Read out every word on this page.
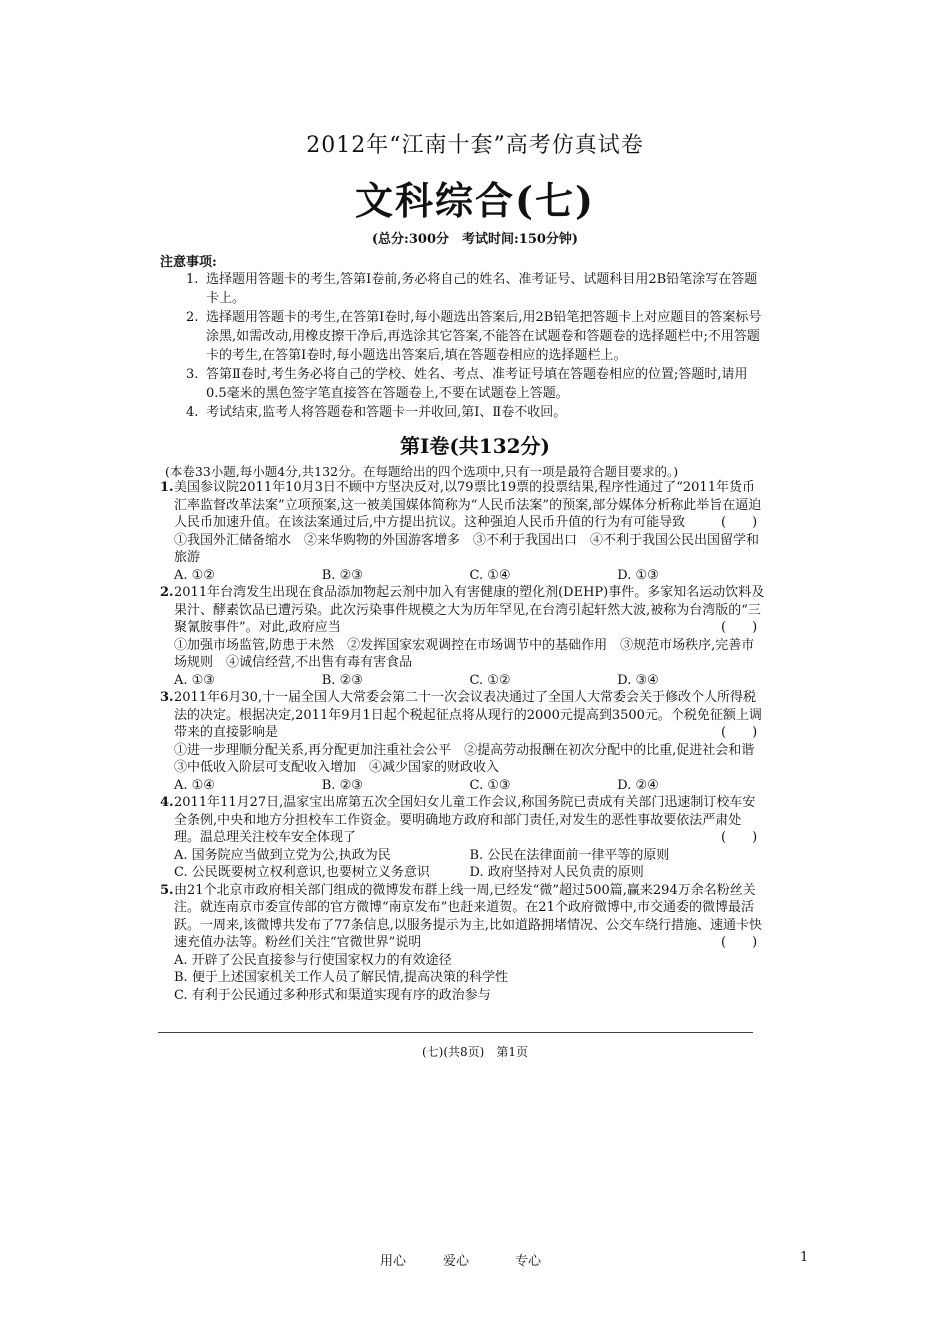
2012年“江南十套”高考仿真试卷
文科综合(七)
(总分:300分　考试时间:150分钟)
注意事项:
1. 选择题用答题卡的考生,答第Ⅰ卷前,务必将自己的姓名、准考证号、试题科目用2B铅笔涂写在答题卡上。
2. 选择题用答题卡的考生,在答第Ⅰ卷时,每小题选出答案后,用2B铅笔把答题卡上对应题目的答案标号涂黑,如需改动,用橡皮擦干净后,再选涂其它答案,不能答在试题卷和答题卷的选择题栏中;不用答题卡的考生,在答第Ⅰ卷时,每小题选出答案后,填在答题卷相应的选择题栏上。
3. 答第Ⅱ卷时,考生务必将自己的学校、姓名、考点、准考证号填在答题卷相应的位置;答题时,请用0.5毫米的黑色签字笔直接答在答题卷上,不要在试题卷上答题。
4. 考试结束,监考人将答题卷和答题卡一并收回,第Ⅰ、Ⅱ卷不收回。
第Ⅰ卷(共132分)
(本卷33小题,每小题4分,共132分。在每题给出的四个选项中,只有一项是最符合题目要求的。)
1. 美国参议院2011年10月3日不顾中方坚决反对,以79票比19票的投票结果,程序性通过了“2011年货币汇率监督改革法案”立项预案,这一被美国媒体简称为“人民币法案”的预案,部分媒体分析称此举旨在逼迫人民币加速升值。在该法案通过后,中方提出抗议。这种强迫人民币升值的行为有可能导致	(　　)
①我国外汇储备缩水　②来华购物的外国游客增多　③不利于我国出口　④不利于我国公民出国留学和旅游
A. ①②	B. ②③	C. ①④	D. ①③
2. 2011年台湾发生出现在食品添加物起云剂中加入有害健康的塑化剂(DEHP)事件。多家知名运动饮料及果汁、酵素饮品已遭污染。此次污染事件规模之大为历年罕见,在台湾引起轩然大波,被称为台湾版的“三聚氰胺事件”。对此,政府应当	(　　)
①加强市场监管,防患于未然　②发挥国家宏观调控在市场调节中的基础作用　③规范市场秩序,完善市场规则　④诚信经营,不出售有毒有害食品
A. ①③	B. ②③	C. ①②	D. ③④
3. 2011年6月30,十一届全国人大常委会第二十一次会议表决通过了全国人大常委会关于修改个人所得税法的决定。根据决定,2011年9月1日起个税起征点将从现行的2000元提高到3500元。个税免征额上调带来的直接影响是	(　　)
①进一步理顺分配关系,再分配更加注重社会公平　②提高劳动报酬在初次分配中的比重,促进社会和谐　③中低收入阶层可支配收入增加　④减少国家的财政收入
A. ①④	B. ②③	C. ①③	D. ②④
4. 2011年11月27日,温家宝出席第五次全国妇女儿童工作会议,称国务院已责成有关部门迅速制订校车安全条例,中央和地方分担校车工作资金。要明确地方政府和部门责任,对发生的恶性事故要依法严肃处理。温总理关注校车安全体现了	(　　)
A. 国务院应当做到立党为公,执政为民	B. 公民在法律面前一律平等的原则
C. 公民既要树立权利意识,也要树立义务意识	D. 政府坚持对人民负责的原则
5. 由21个北京市政府相关部门组成的微博发布群上线一周,已经发“微”超过500篇,赢来294万余名粉丝关注。就连南京市委宣传部的官方微博“南京发布”也赶来道贺。在21个政府微博中,市交通委的微博最活跃。一周来,该微博共发布了77条信息,以服务提示为主,比如道路拥堵情况、公交车绕行措施、速通卡快速充值办法等。粉丝们关注“官微世界”说明	(　　)
A. 开辟了公民直接参与行使国家权力的有效途径
B. 便于上述国家机关工作人员了解民情,提高决策的科学性
C. 有利于公民通过多种形式和渠道实现有序的政治参与
(七)(共8页)　第1页
用心	爱心	专心	1
